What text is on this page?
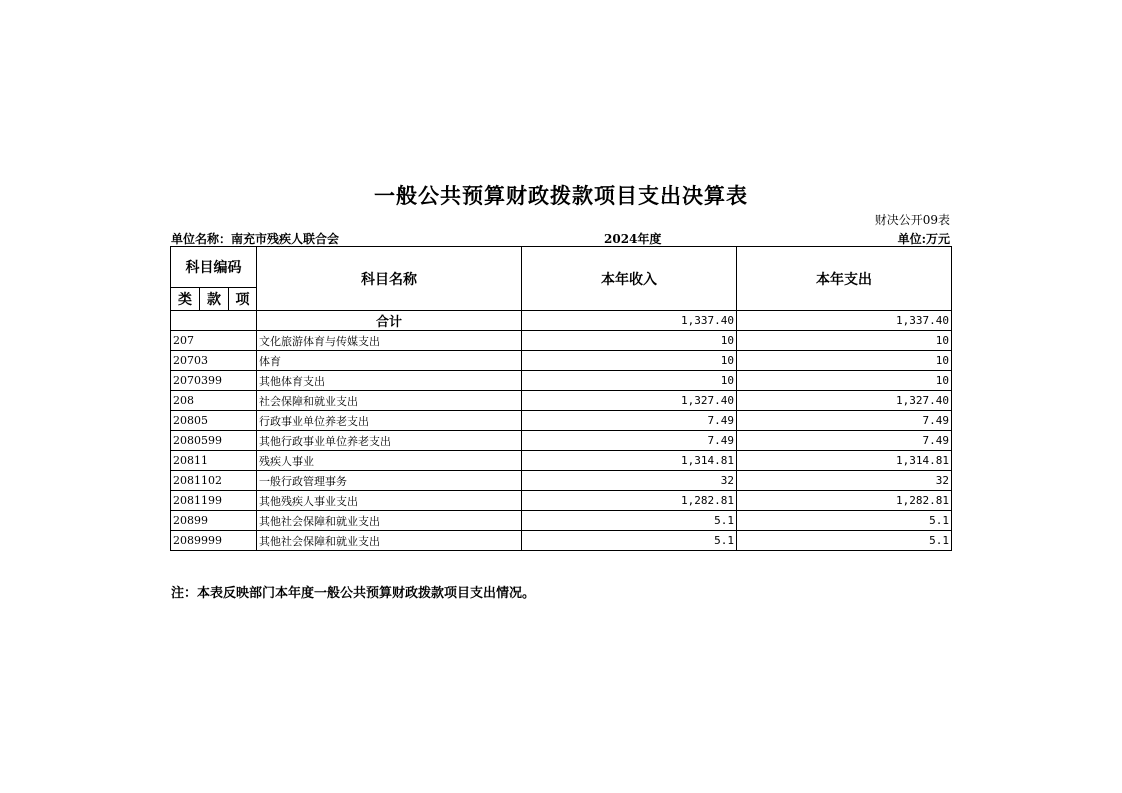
一般公共预算财政拨款项目支出决算表
财决公开09表
单位名称：南充市残疾人联合会	2024年度	单位:万元
科目编码			科目名称	本年收入	本年支出
类	款	项			
			合计	1,337.40	1,337.40
207			文化旅游体育与传媒支出	10	10
20703			体育	10	10
2070399			其他体育支出	10	10
208			社会保障和就业支出	1,327.40	1,327.40
20805			行政事业单位养老支出	7.49	7.49
2080599			其他行政事业单位养老支出	7.49	7.49
20811			残疾人事业	1,314.81	1,314.81
2081102			一般行政管理事务	32	32
2081199			其他残疾人事业支出	1,282.81	1,282.81
20899			其他社会保障和就业支出	5.1	5.1
2089999			其他社会保障和就业支出	5.1	5.1
注：本表反映部门本年度一般公共预算财政拨款项目支出情况。
